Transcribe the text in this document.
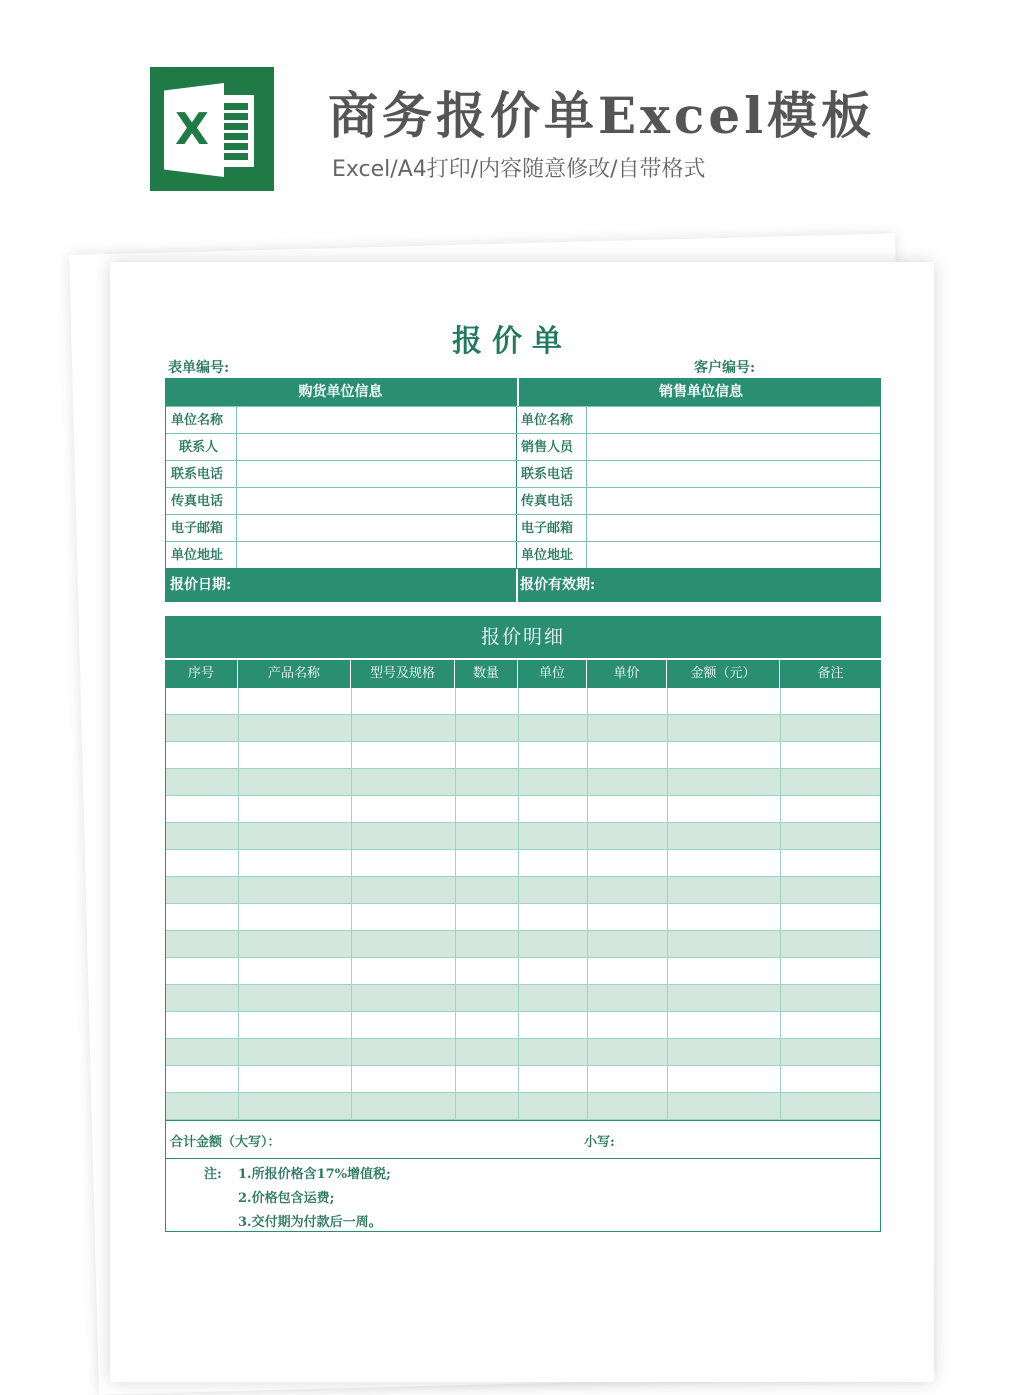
X 商务报价单Excel模板
Excel/A4打印/内容随意修改/自带格式
报价单
表单编号:	客户编号:
购货单位信息	销售单位信息
单位名称	单位名称
联系人	销售人员
联系电话	联系电话
传真电话	传真电话
电子邮箱	电子邮箱
单位地址	单位地址
报价日期:	报价有效期:
报价明细
序号	产品名称	型号及规格	数量	单位	单价	金额（元）	备注
合计金额（大写）：	小写:
注: 1.所报价格含17%增值税;
2.价格包含运费;
3.交付期为付款后一周。
